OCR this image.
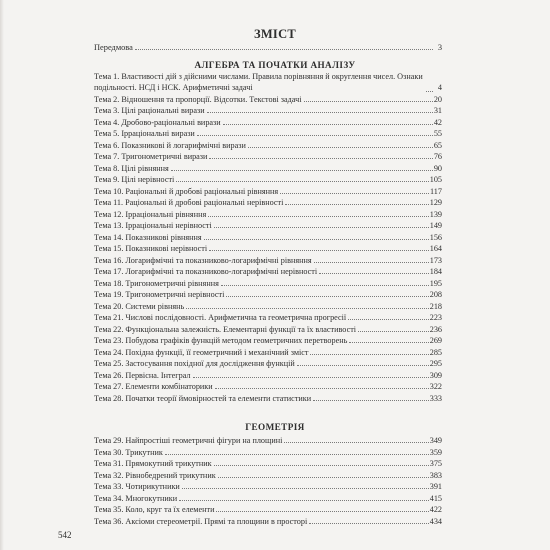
ЗМІСТ
Передмова	3
АЛГЕБРА ТА ПОЧАТКИ АНАЛІЗУ
Тема 1. Властивості дій з дійсними числами. Правила порівняння й округлення чисел. Ознаки подільності. НСД і НСК. Арифметичні задачі	4
Тема 2. Відношення та пропорції. Відсотки. Текстові задачі	20
Тема 3. Цілі раціональні вирази	31
Тема 4. Дробово-раціональні вирази	42
Тема 5. Ірраціональні вирази	55
Тема 6. Показникові й логарифмічні вирази	65
Тема 7. Тригонометричні вирази	76
Тема 8. Цілі рівняння	90
Тема 9. Цілі нерівності	105
Тема 10. Раціональні й дробові раціональні рівняння	117
Тема 11. Раціональні й дробові раціональні нерівності	129
Тема 12. Ірраціональні рівняння	139
Тема 13. Ірраціональні нерівності	149
Тема 14. Показникові рівняння	156
Тема 15. Показникові нерівності	164
Тема 16. Логарифмічні та показниково-логарифмічні рівняння	173
Тема 17. Логарифмічні та показниково-логарифмічні нерівності	184
Тема 18. Тригонометричні рівняння	195
Тема 19. Тригонометричні нерівності	208
Тема 20. Системи рівнянь	218
Тема 21. Числові послідовності. Арифметична та геометрична прогресії	223
Тема 22. Функціональна залежність. Елементарні функції та їх властивості	236
Тема 23. Побудова графіків функцій методом геометричних перетворень	269
Тема 24. Похідна функції, її геометричний і механічний зміст	285
Тема 25. Застосування похідної для дослідження функцій	295
Тема 26. Первісна. Інтеграл	309
Тема 27. Елементи комбінаторики	322
Тема 28. Початки теорії ймовірностей та елементи статистики	333
ГЕОМЕТРІЯ
Тема 29. Найпростіші геометричні фігури на площині	349
Тема 30. Трикутник	359
Тема 31. Прямокутний трикутник	375
Тема 32. Рівнобедрений трикутник	383
Тема 33. Чотирикутники	391
Тема 34. Многокутники	415
Тема 35. Коло, круг та їх елементи	422
Тема 36. Аксіоми стереометрії. Прямі та площини в просторі	434
542
